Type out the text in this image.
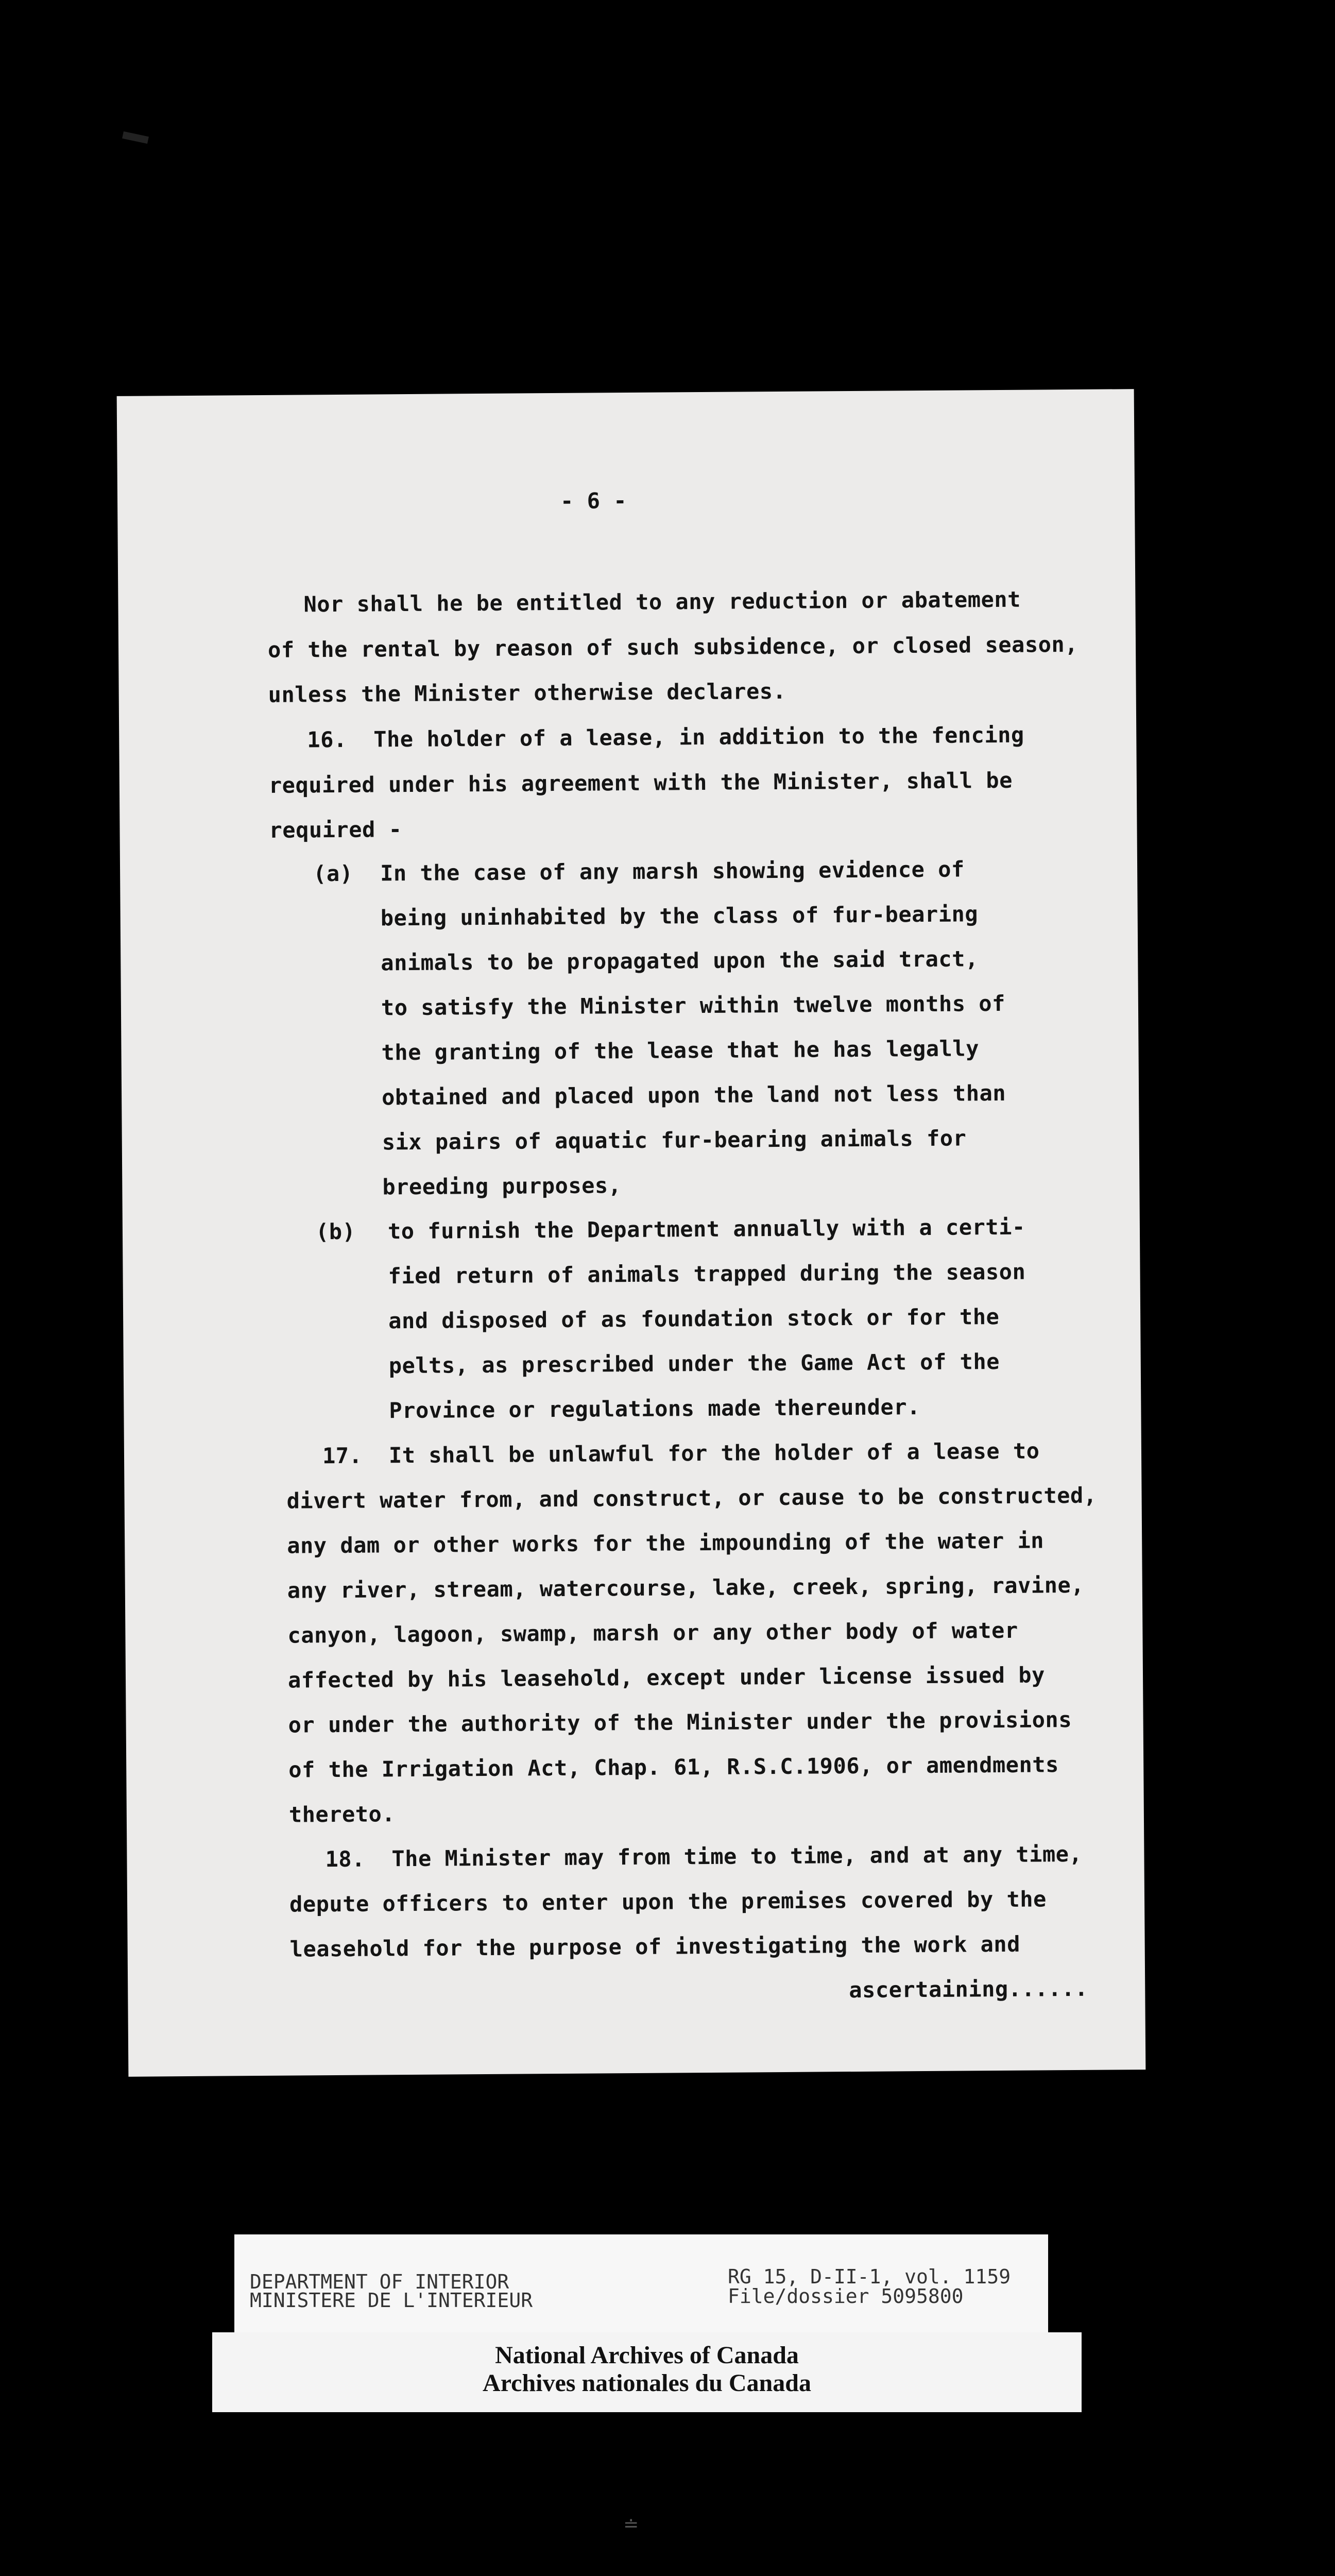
- 6 -
Nor shall he be entitled to any reduction or abatement
of the rental by reason of such subsidence, or closed season,
unless the Minister otherwise declares.
16.  The holder of a lease, in addition to the fencing
required under his agreement with the Minister, shall be
required -
(a) In the case of any marsh showing evidence of
being uninhabited by the class of fur-bearing
animals to be propagated upon the said tract,
to satisfy the Minister within twelve months of
the granting of the lease that he has legally
obtained and placed upon the land not less than
six pairs of aquatic fur-bearing animals for
breeding purposes,
(b) to furnish the Department annually with a certi-
fied return of animals trapped during the season
and disposed of as foundation stock or for the
pelts, as prescribed under the Game Act of the
Province or regulations made thereunder.
17.  It shall be unlawful for the holder of a lease to
divert water from, and construct, or cause to be constructed,
any dam or other works for the impounding of the water in
any river, stream, watercourse, lake, creek, spring, ravine,
canyon, lagoon, swamp, marsh or any other body of water
affected by his leasehold, except under license issued by
or under the authority of the Minister under the provisions
of the Irrigation Act, Chap. 61, R.S.C.1906, or amendments
thereto.
18.  The Minister may from time to time, and at any time,
depute officers to enter upon the premises covered by the
leasehold for the purpose of investigating the work and
ascertaining......
DEPARTMENT OF INTERIOR
MINISTERE DE L'INTERIEUR
RG 15, D-II-1, vol. 1159
File/dossier 5095800
National Archives of Canada
Archives nationales du Canada
≐
